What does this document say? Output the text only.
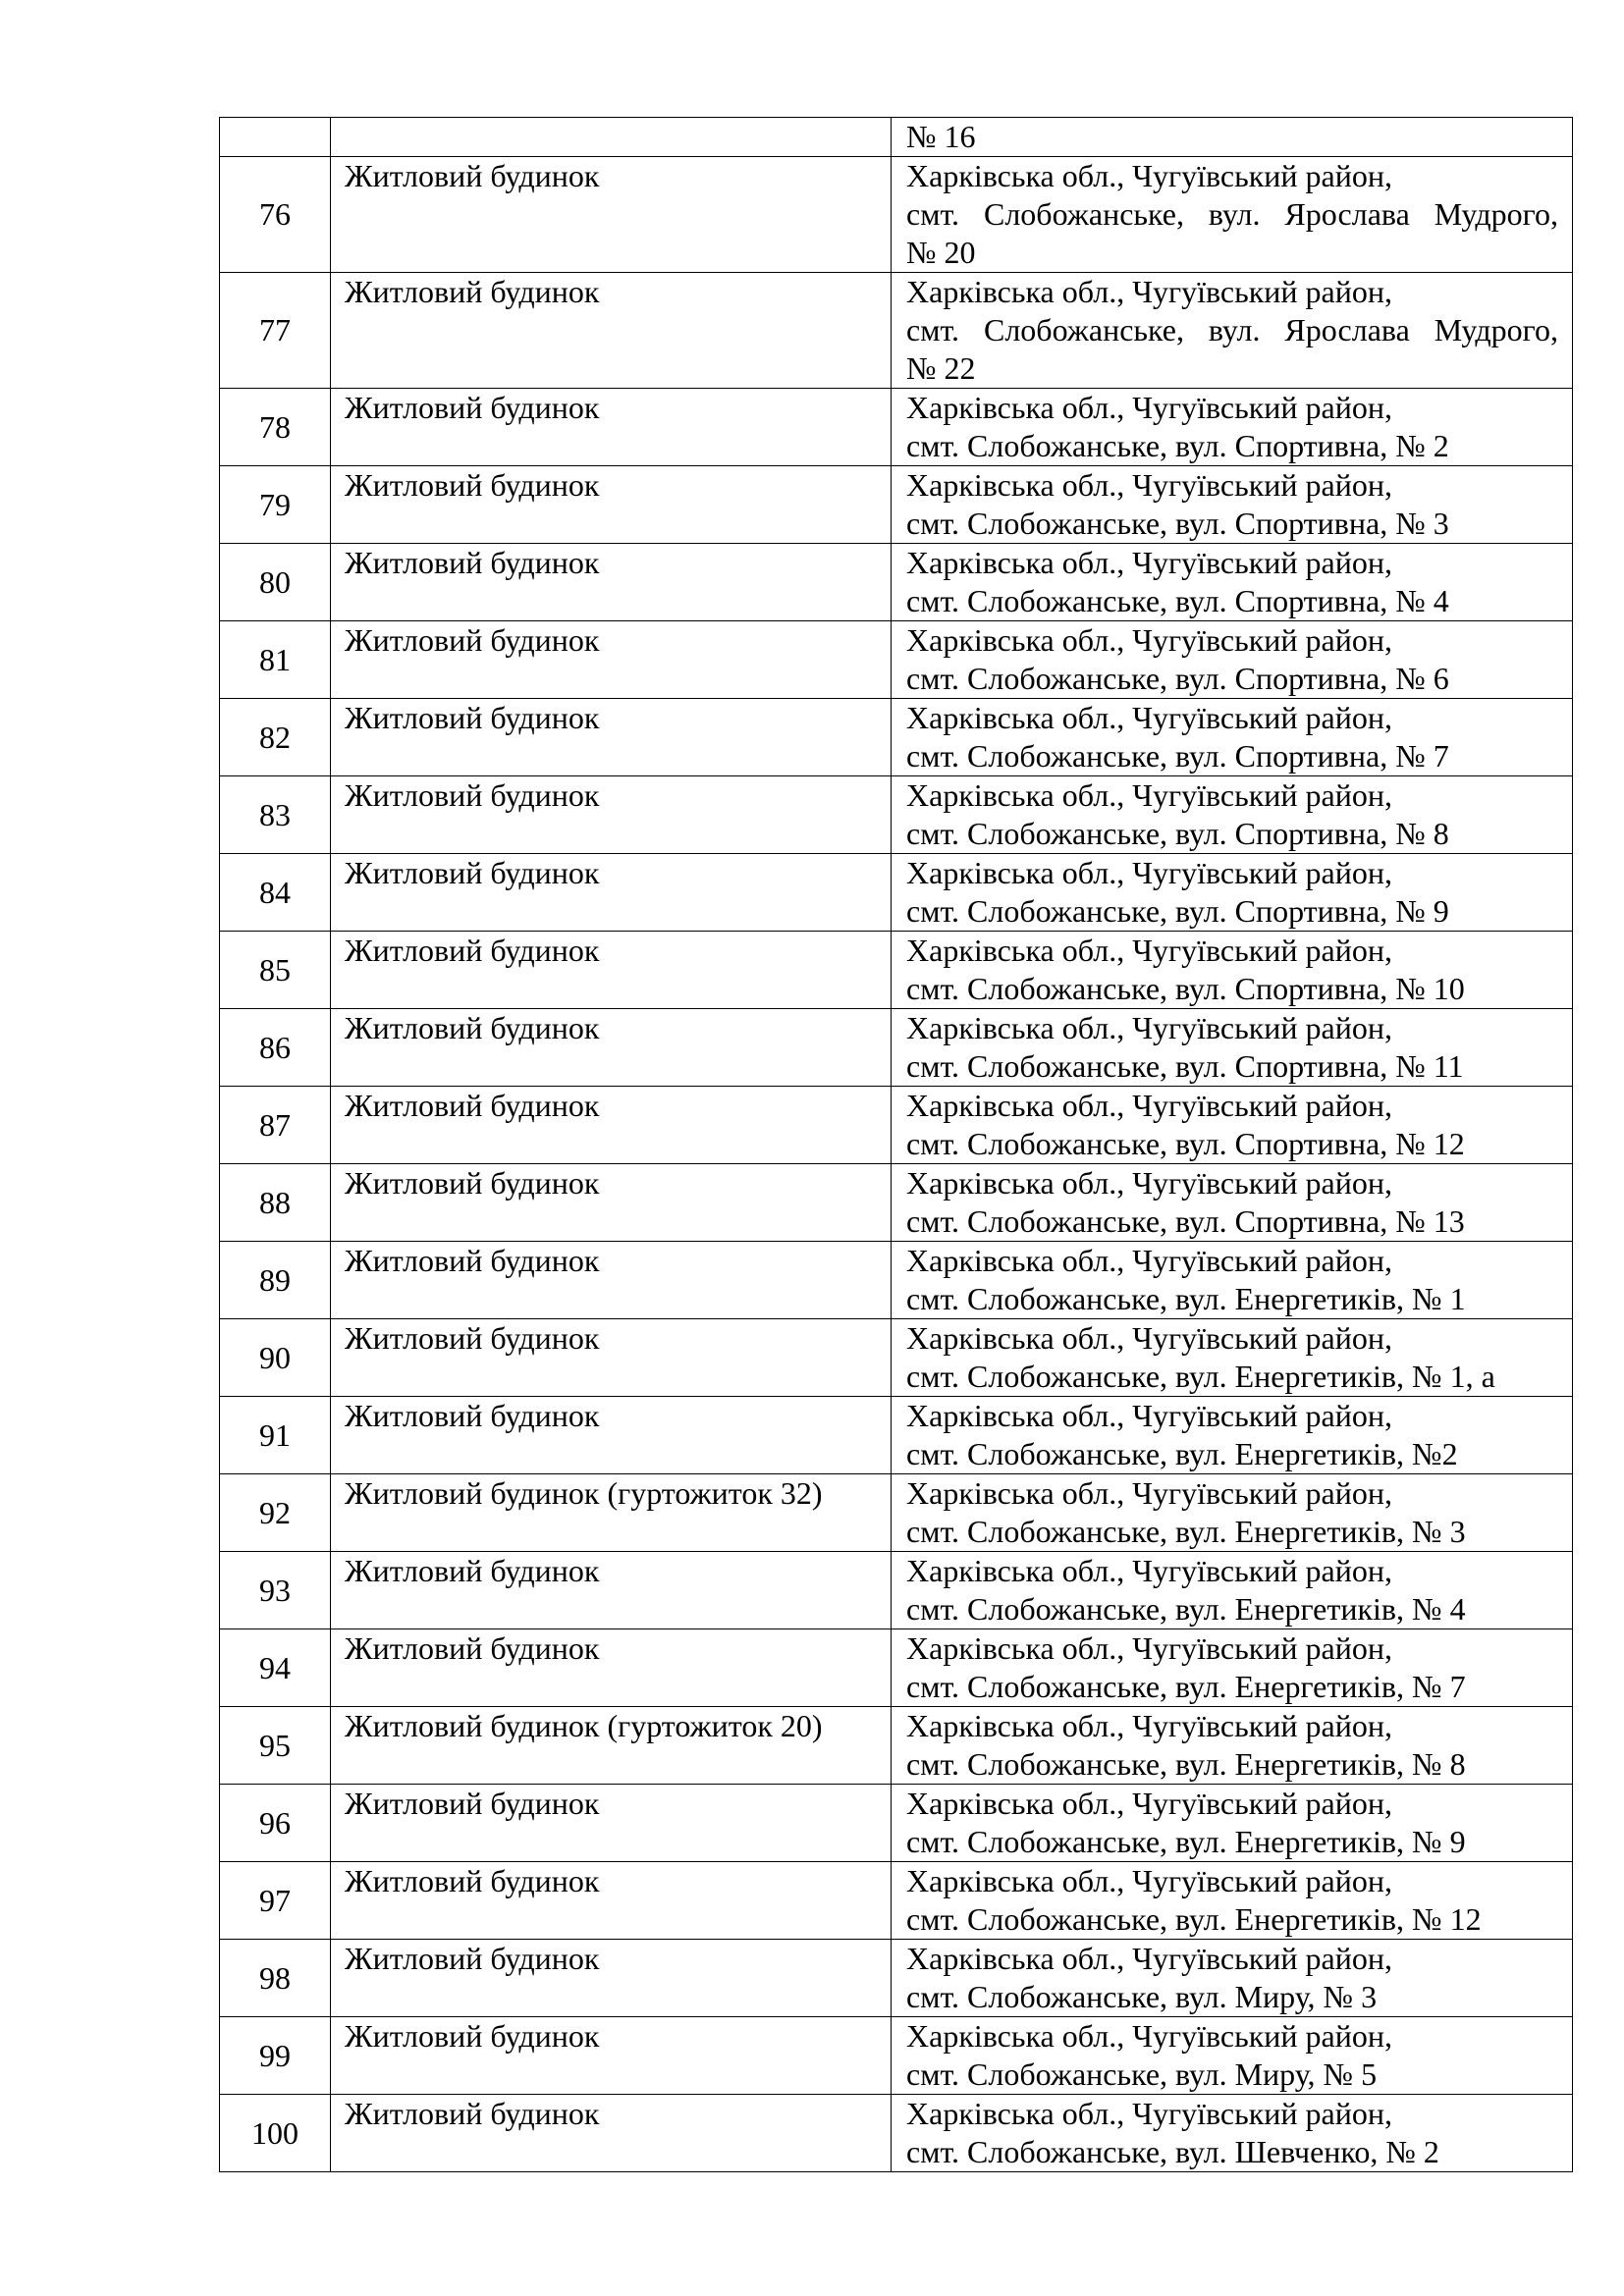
		№ 16

76	Житловий будинок	Харківська обл., Чугуївський район,
смт. Слобожанське, вул. Ярослава Мудрого,
№ 20

77	Житловий будинок	Харківська обл., Чугуївський район,
смт. Слобожанське, вул. Ярослава Мудрого,
№ 22

78	Житловий будинок	Харківська обл., Чугуївський район,
смт. Слобожанське, вул. Спортивна, № 2

79	Житловий будинок	Харківська обл., Чугуївський район,
смт. Слобожанське, вул. Спортивна, № 3

80	Житловий будинок	Харківська обл., Чугуївський район,
смт. Слобожанське, вул. Спортивна, № 4

81	Житловий будинок	Харківська обл., Чугуївський район,
смт. Слобожанське, вул. Спортивна, № 6

82	Житловий будинок	Харківська обл., Чугуївський район,
смт. Слобожанське, вул. Спортивна, № 7

83	Житловий будинок	Харківська обл., Чугуївський район,
смт. Слобожанське, вул. Спортивна, № 8

84	Житловий будинок	Харківська обл., Чугуївський район,
смт. Слобожанське, вул. Спортивна, № 9

85	Житловий будинок	Харківська обл., Чугуївський район,
смт. Слобожанське, вул. Спортивна, № 10

86	Житловий будинок	Харківська обл., Чугуївський район,
смт. Слобожанське, вул. Спортивна, № 11

87	Житловий будинок	Харківська обл., Чугуївський район,
смт. Слобожанське, вул. Спортивна, № 12

88	Житловий будинок	Харківська обл., Чугуївський район,
смт. Слобожанське, вул. Спортивна, № 13

89	Житловий будинок	Харківська обл., Чугуївський район,
смт. Слобожанське, вул. Енергетиків, № 1

90	Житловий будинок	Харківська обл., Чугуївський район,
смт. Слобожанське, вул. Енергетиків, № 1, а

91	Житловий будинок	Харківська обл., Чугуївський район,
смт. Слобожанське, вул. Енергетиків, №2

92	Житловий будинок (гуртожиток 32)	Харківська обл., Чугуївський район,
смт. Слобожанське, вул. Енергетиків, № 3

93	Житловий будинок	Харківська обл., Чугуївський район,
смт. Слобожанське, вул. Енергетиків, № 4

94	Житловий будинок	Харківська обл., Чугуївський район,
смт. Слобожанське, вул. Енергетиків, № 7

95	Житловий будинок (гуртожиток 20)	Харківська обл., Чугуївський район,
смт. Слобожанське, вул. Енергетиків, № 8

96	Житловий будинок	Харківська обл., Чугуївський район,
смт. Слобожанське, вул. Енергетиків, № 9

97	Житловий будинок	Харківська обл., Чугуївський район,
смт. Слобожанське, вул. Енергетиків, № 12

98	Житловий будинок	Харківська обл., Чугуївський район,
смт. Слобожанське, вул. Миру, № 3

99	Житловий будинок	Харківська обл., Чугуївський район,
смт. Слобожанське, вул. Миру, № 5

100	Житловий будинок	Харківська обл., Чугуївський район,
смт. Слобожанське, вул. Шевченко, № 2
